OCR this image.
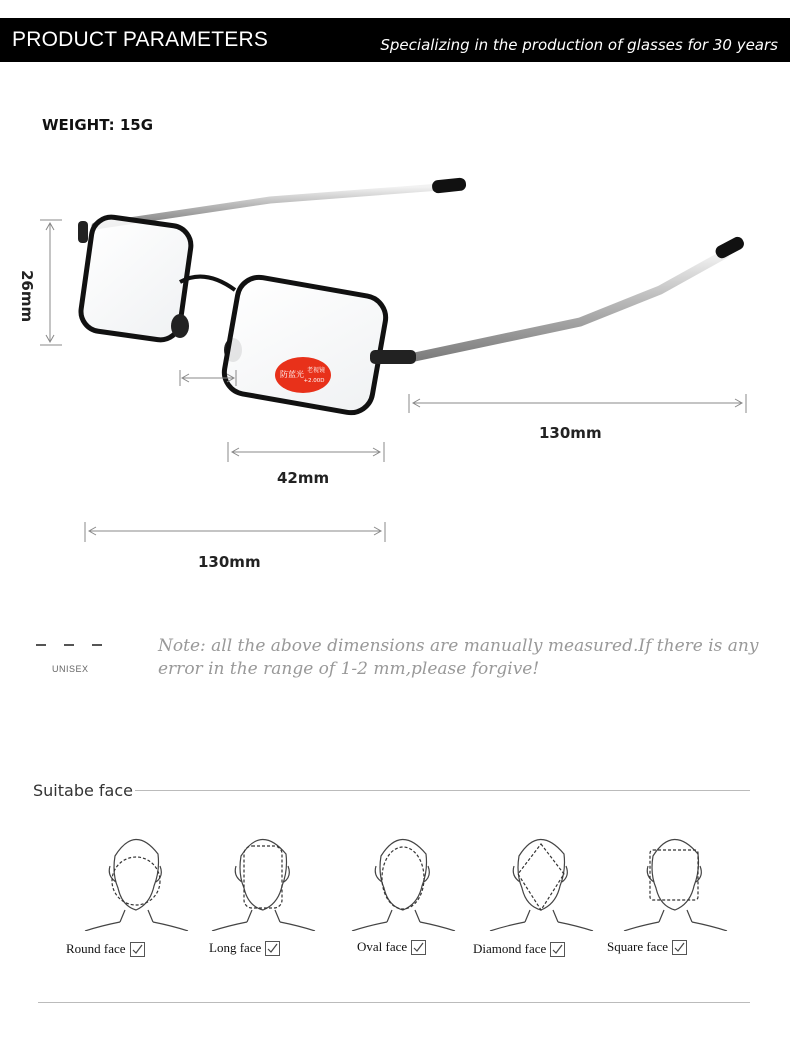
PRODUCT PARAMETERS	Specializing in the production of glasses for 30 years
WEIGHT: 15G
防蓝光 老视镜
+2.00D
26mm
130mm
42mm
130mm
UNISEX
Note: all the above dimensions are manually measured.If there is any error in the range of 1-2 mm,please forgive!
Suitabe face
Round face	Long face	Oval face	Diamond face	Square face
